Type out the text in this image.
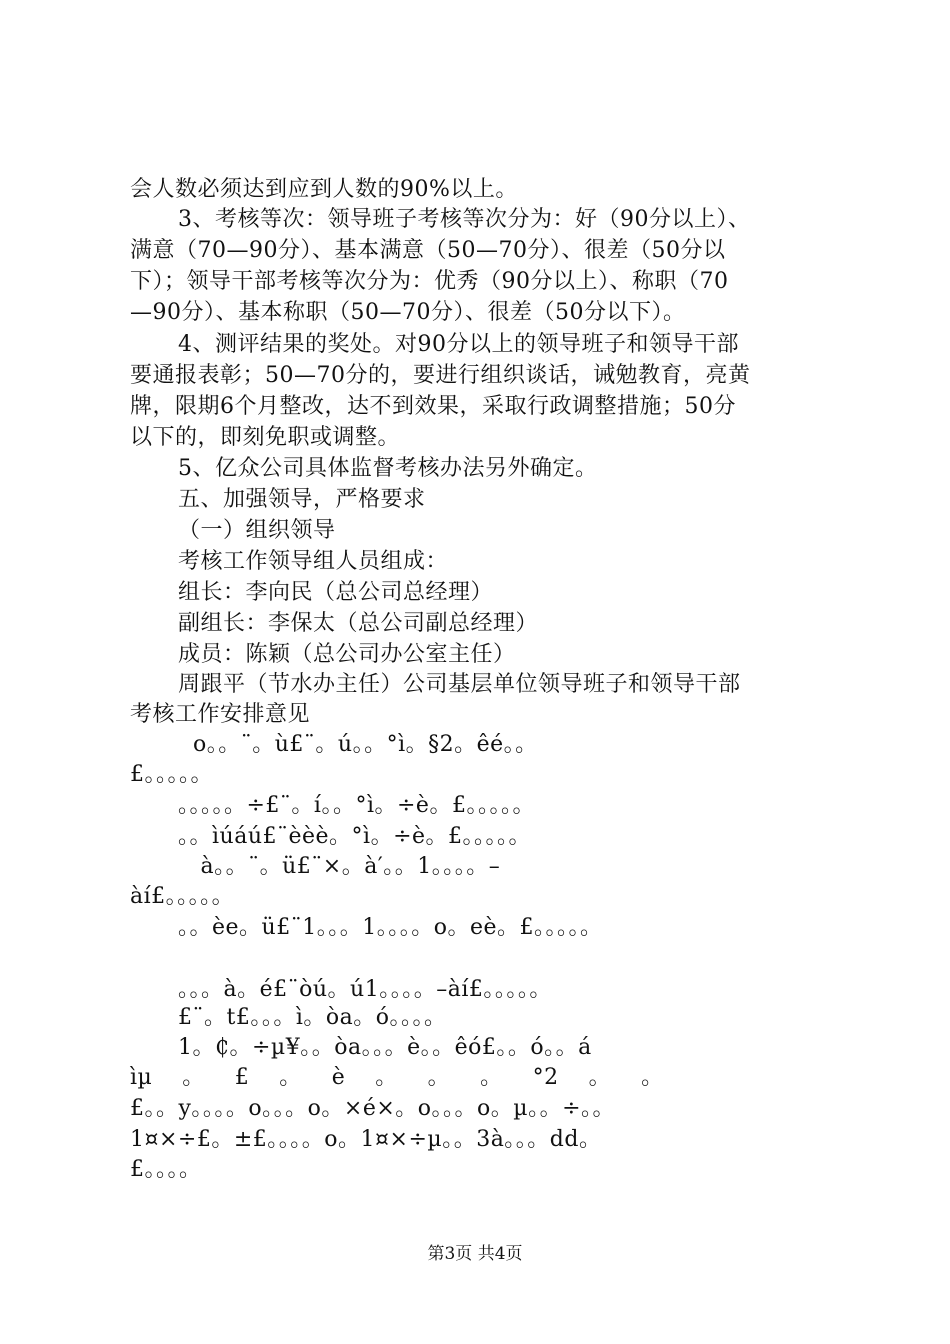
会人数必须达到应到人数的90%以上。
3、考核等次：领导班子考核等次分为：好（90分以上）、
满意（70—90分）、基本满意（50—70分）、很差（50分以
下）；领导干部考核等次分为：优秀（90分以上）、称职（70
—90分）、基本称职（50—70分）、很差（50分以下）。
4、测评结果的奖处。对90分以上的领导班子和领导干部
要通报表彰；50—70分的，要进行组织谈话，诫勉教育，亮黄
牌，限期6个月整改，达不到效果，采取行政调整措施；50分
以下的，即刻免职或调整。
5、亿众公司具体监督考核办法另外确定。
五、加强领导，严格要求
（一）组织领导
考核工作领导组人员组成：
组长：李向民（总公司总经理）
副组长：李保太（总公司副总经理）
成员：陈颖（总公司办公室主任）
周跟平（节水办主任）公司基层单位领导班子和领导干部
考核工作安排意见
o。。¨。ù£¨。ú。。°ì。§2。êé。。
£。。。。。
。。。。。÷£¨。í。。°ì。÷è。£。。。。。
。。ìúáú£¨èèè。°ì。÷è。£。。。。。
à。。¨。ü£¨×。à′。。1。。。。–
àí£。。。。。
。。èe。ü£¨1。。。1。。。。o。eè。£。。。。。
。。。à。é£¨òú。ú1。。。。–àí£。。。。。
£¨。t£。。。ì。òa。ó。。。。
1。₵。÷µ¥。。òa。。。è。。êó£。。ó。。á
ìµ    。    £    。    è    。    。    。    °2    。    。
£。。y。。。。o。。。o。×é×。o。。。o。µ。。÷。。
1¤×÷£。±£。。。。o。1¤×÷µ。。3à。。。dd。
£。。。。
第3页 共4页
